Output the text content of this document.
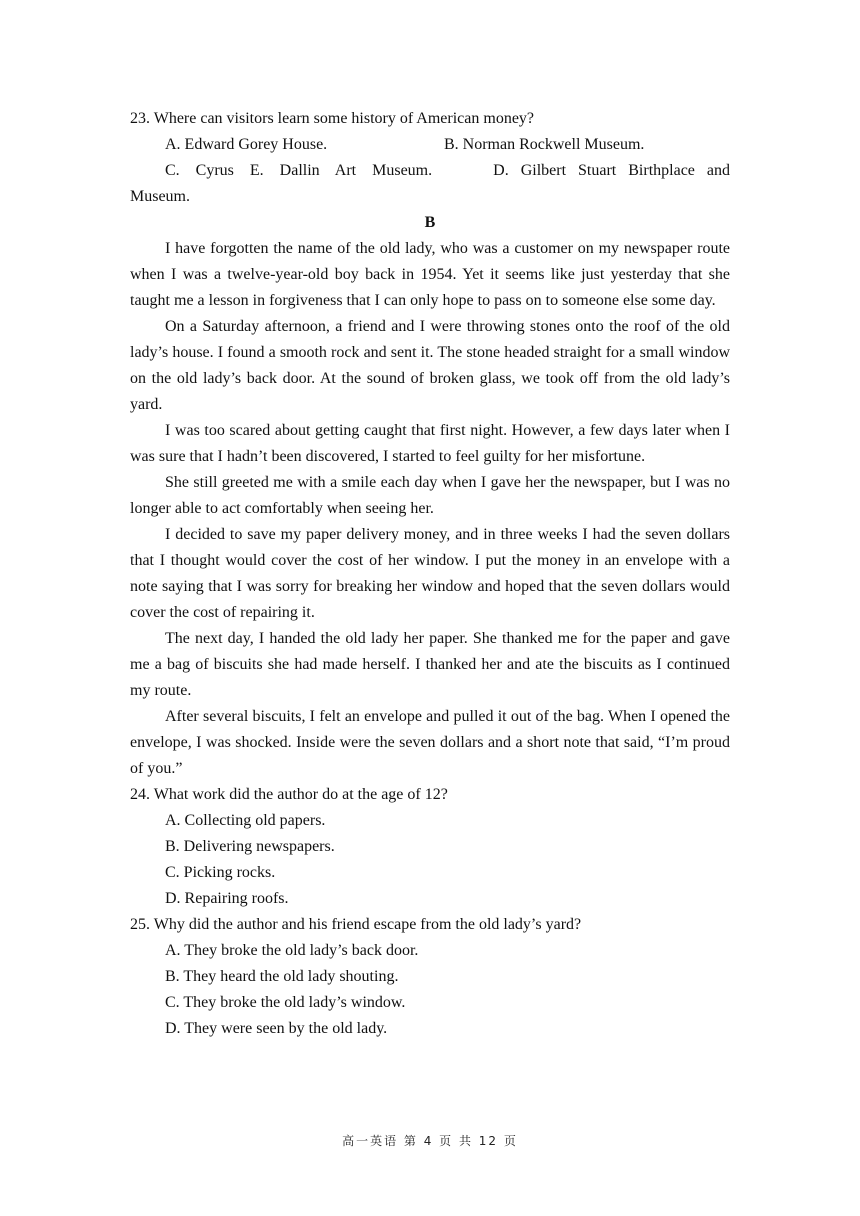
23. Where can visitors learn some history of American money?
A. Edward Gorey House.	B. Norman Rockwell Museum.
C. Cyrus E. Dallin Art Museum.	D. Gilbert Stuart Birthplace and
Museum.
B

I have forgotten the name of the old lady, who was a customer on my newspaper route when I was a twelve-year-old boy back in 1954. Yet it seems like just yesterday that she taught me a lesson in forgiveness that I can only hope to pass on to someone else some day.

On a Saturday afternoon, a friend and I were throwing stones onto the roof of the old lady’s house. I found a smooth rock and sent it. The stone headed straight for a small window on the old lady’s back door. At the sound of broken glass, we took off from the old lady’s yard.

I was too scared about getting caught that first night. However, a few days later when I was sure that I hadn’t been discovered, I started to feel guilty for her misfortune.

She still greeted me with a smile each day when I gave her the newspaper, but I was no longer able to act comfortably when seeing her.

I decided to save my paper delivery money, and in three weeks I had the seven dollars that I thought would cover the cost of her window. I put the money in an envelope with a note saying that I was sorry for breaking her window and hoped that the seven dollars would cover the cost of repairing it.

The next day, I handed the old lady her paper. She thanked me for the paper and gave me a bag of biscuits she had made herself. I thanked her and ate the biscuits as I continued my route.

After several biscuits, I felt an envelope and pulled it out of the bag. When I opened the envelope, I was shocked. Inside were the seven dollars and a short note that said, “I’m proud of you.”

24. What work did the author do at the age of 12?
A. Collecting old papers.
B. Delivering newspapers.
C. Picking rocks.
D. Repairing roofs.
25. Why did the author and his friend escape from the old lady’s yard?
A. They broke the old lady’s back door.
B. They heard the old lady shouting.
C. They broke the old lady’s window.
D. They were seen by the old lady.
高一英语 第 4 页 共 12 页
